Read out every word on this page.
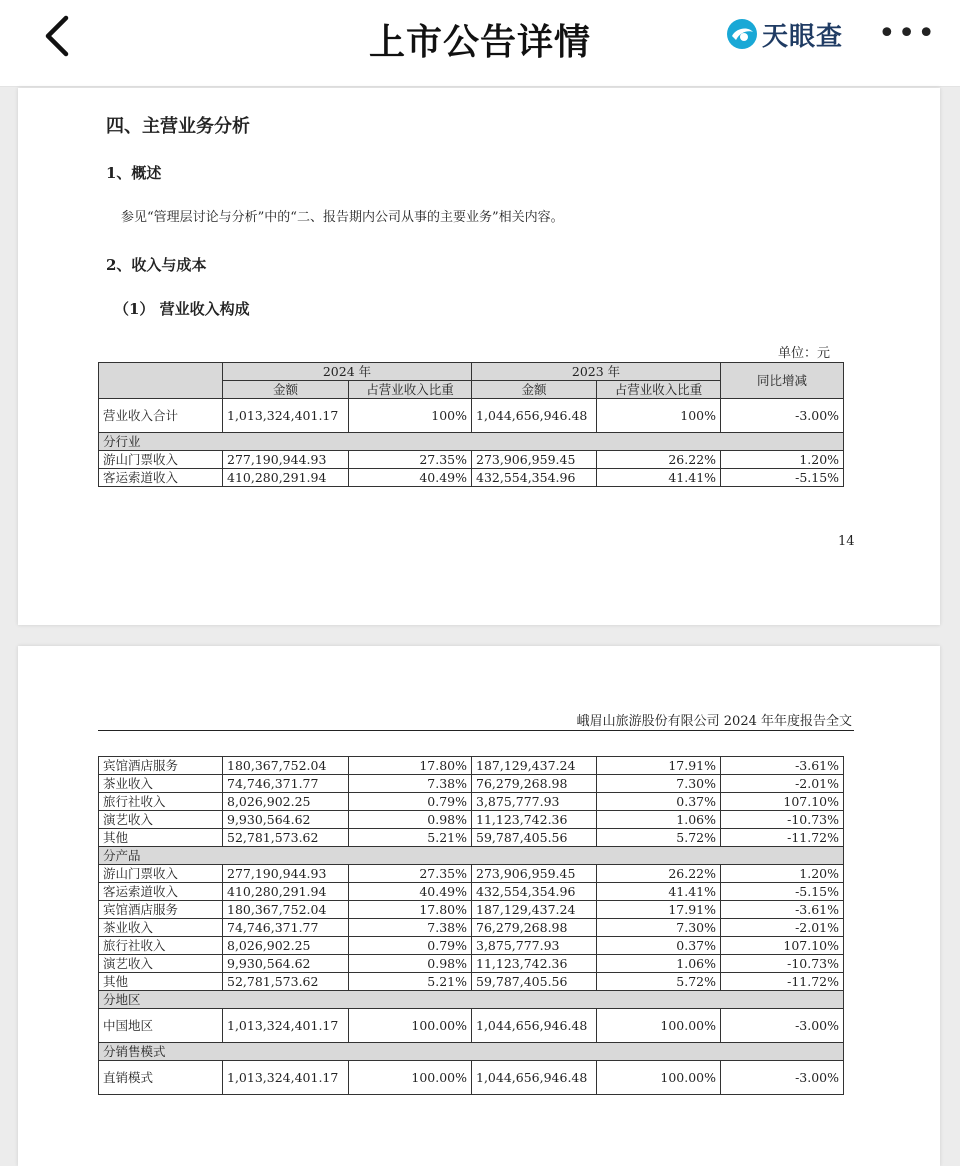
上市公告详情	天眼查 •••
四、主营业务分析
1、概述
参见“管理层讨论与分析”中的“二、报告期内公司从事的主要业务”相关内容。
2、收入与成本
（1） 营业收入构成
单位：元
	2024 年		2023 年		同比增减
	金额	占营业收入比重	金额	占营业收入比重	
营业收入合计	1,013,324,401.17	100%	1,044,656,946.48	100%	-3.00%
分行业					
游山门票收入	277,190,944.93	27.35%	273,906,959.45	26.22%	1.20%
客运索道收入	410,280,291.94	40.49%	432,554,354.96	41.41%	-5.15%
14
峨眉山旅游股份有限公司 2024 年年度报告全文
宾馆酒店服务	180,367,752.04	17.80%	187,129,437.24	17.91%	-3.61%
茶业收入	74,746,371.77	7.38%	76,279,268.98	7.30%	-2.01%
旅行社收入	8,026,902.25	0.79%	3,875,777.93	0.37%	107.10%
演艺收入	9,930,564.62	0.98%	11,123,742.36	1.06%	-10.73%
其他	52,781,573.62	5.21%	59,787,405.56	5.72%	-11.72%
分产品					
游山门票收入	277,190,944.93	27.35%	273,906,959.45	26.22%	1.20%
客运索道收入	410,280,291.94	40.49%	432,554,354.96	41.41%	-5.15%
宾馆酒店服务	180,367,752.04	17.80%	187,129,437.24	17.91%	-3.61%
茶业收入	74,746,371.77	7.38%	76,279,268.98	7.30%	-2.01%
旅行社收入	8,026,902.25	0.79%	3,875,777.93	0.37%	107.10%
演艺收入	9,930,564.62	0.98%	11,123,742.36	1.06%	-10.73%
其他	52,781,573.62	5.21%	59,787,405.56	5.72%	-11.72%
分地区					
中国地区	1,013,324,401.17	100.00%	1,044,656,946.48	100.00%	-3.00%
分销售模式					
直销模式	1,013,324,401.17	100.00%	1,044,656,946.48	100.00%	-3.00%
